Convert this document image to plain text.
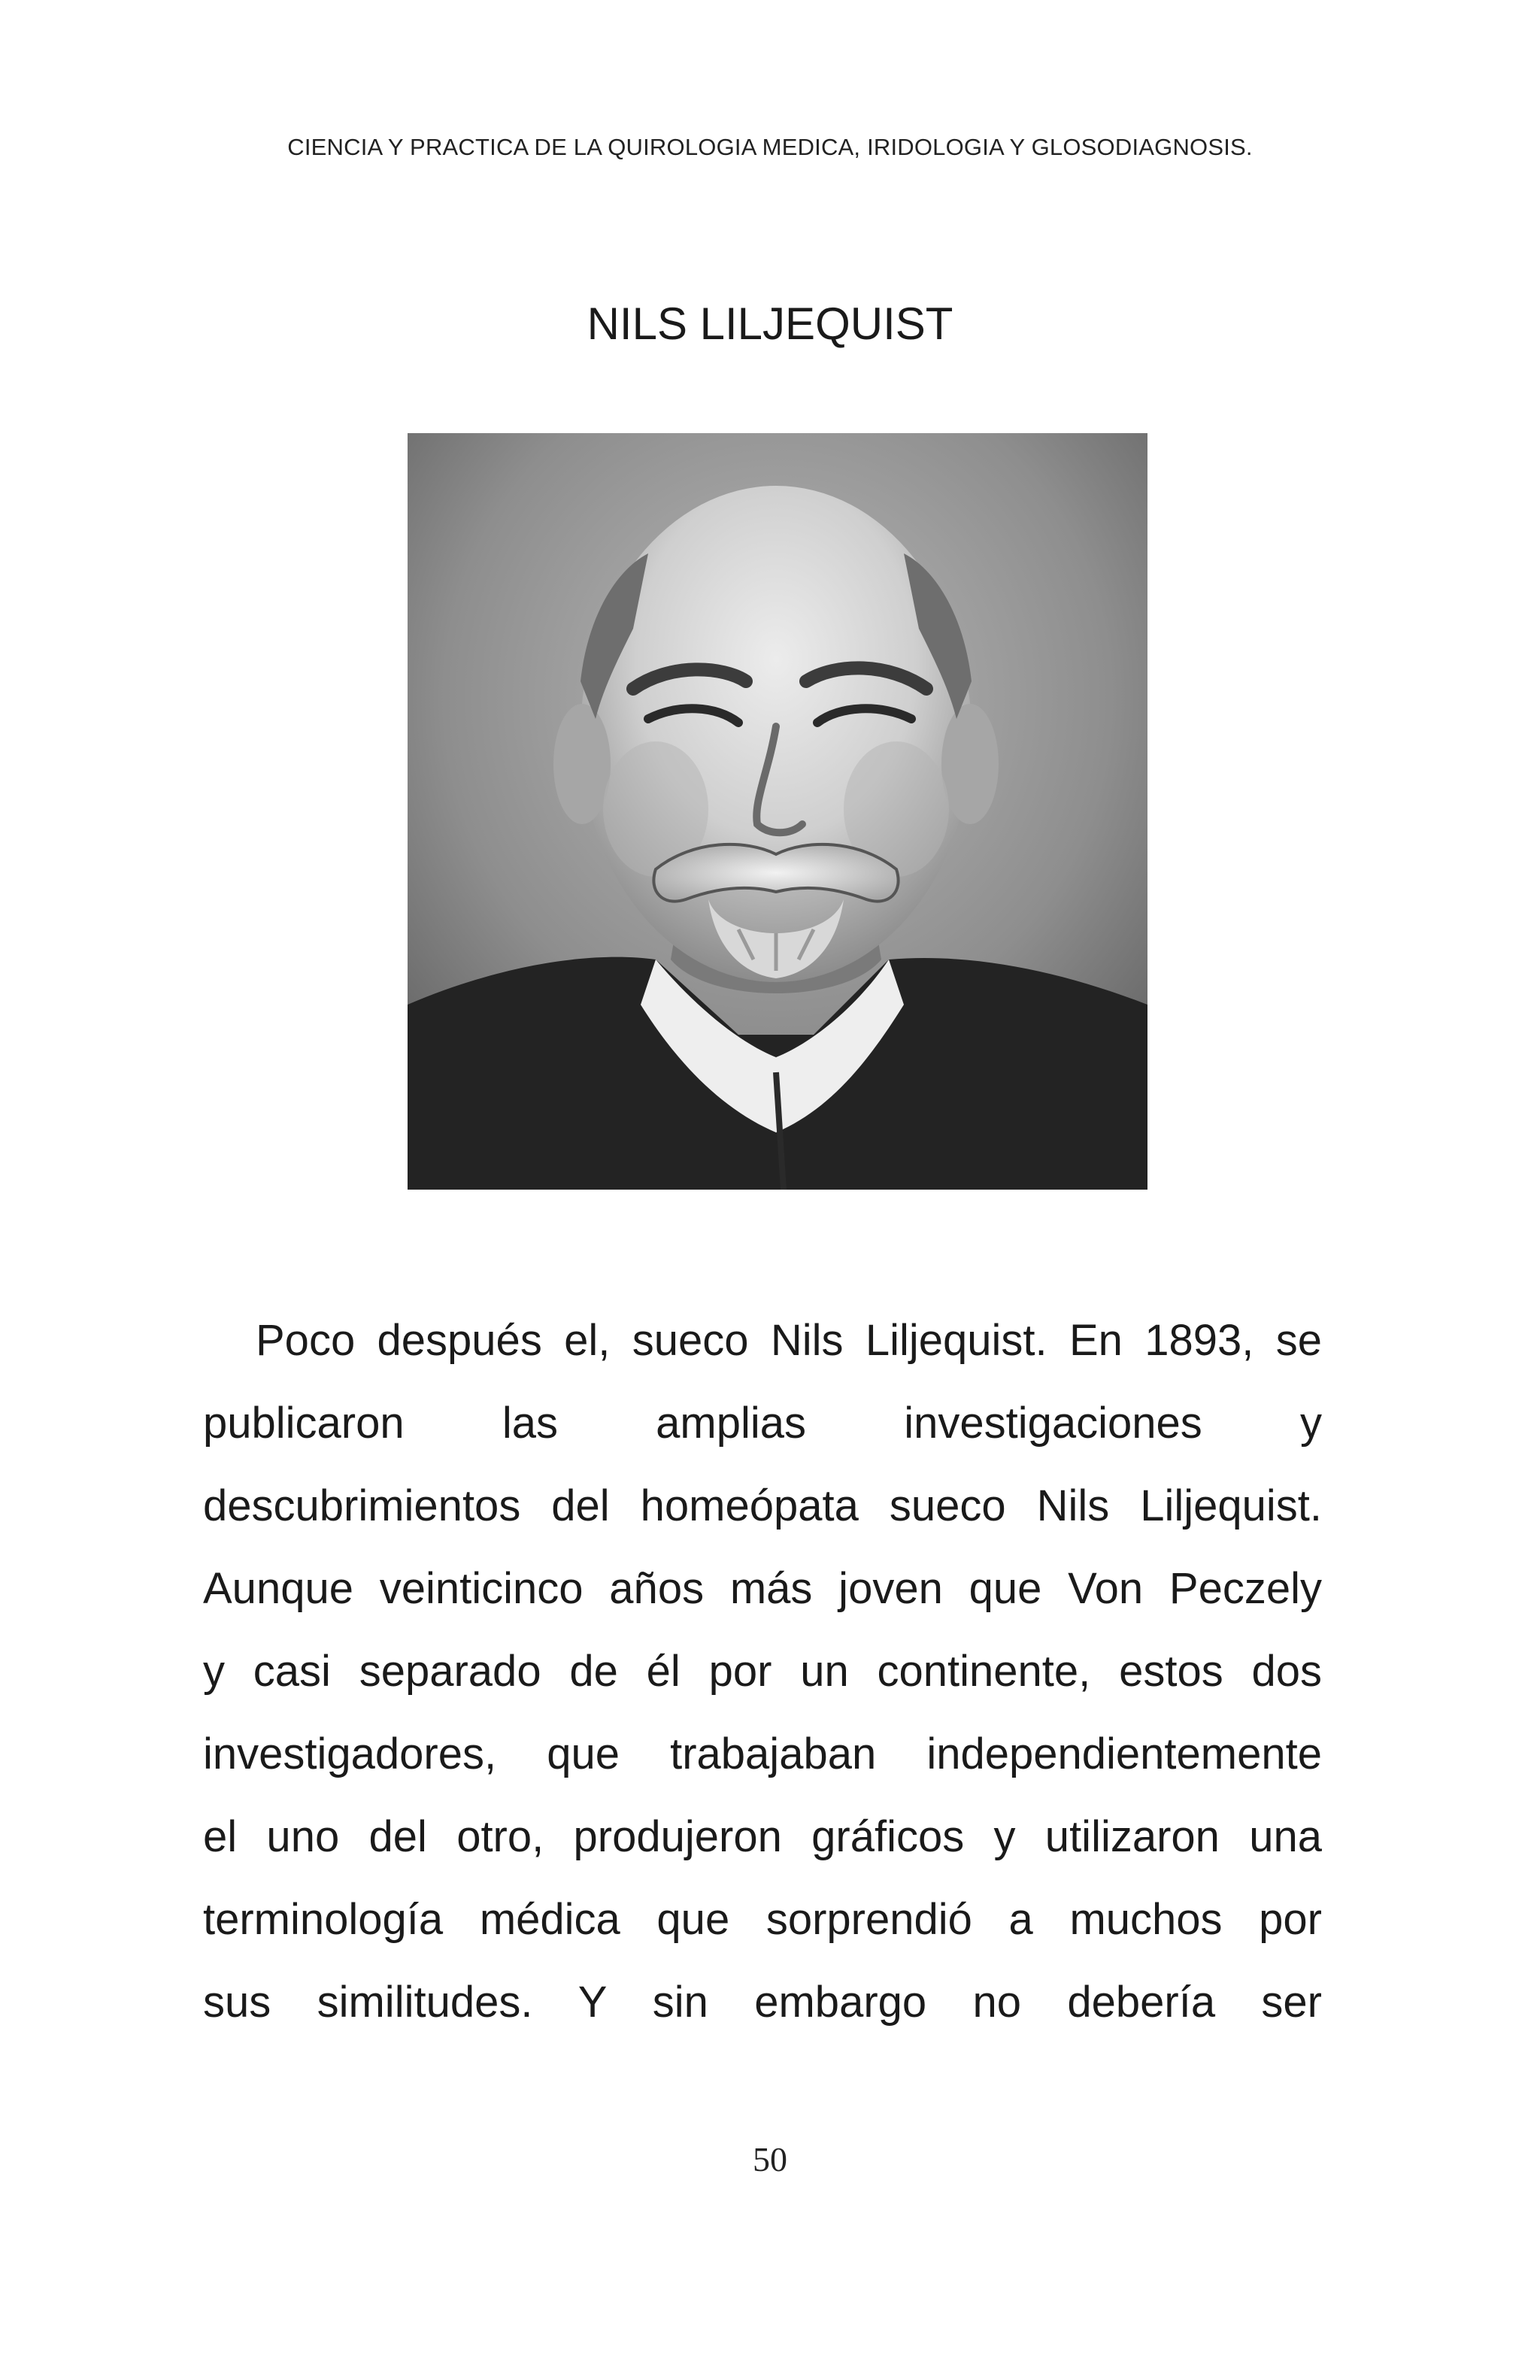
CIENCIA Y PRACTICA DE LA QUIROLOGIA MEDICA, IRIDOLOGIA Y GLOSODIAGNOSIS.
NILS LILJEQUIST
Poco después el, sueco Nils Liljequist. En 1893, se
publicaron las amplias investigaciones y
descubrimientos del homeópata sueco Nils Liljequist.
Aunque veinticinco años más joven que Von Peczely
y casi separado de él por un continente, estos dos
investigadores, que trabajaban independientemente
el uno del otro, produjeron gráficos y utilizaron una
terminología médica que sorprendió a muchos por
sus similitudes. Y sin embargo no debería ser
50
